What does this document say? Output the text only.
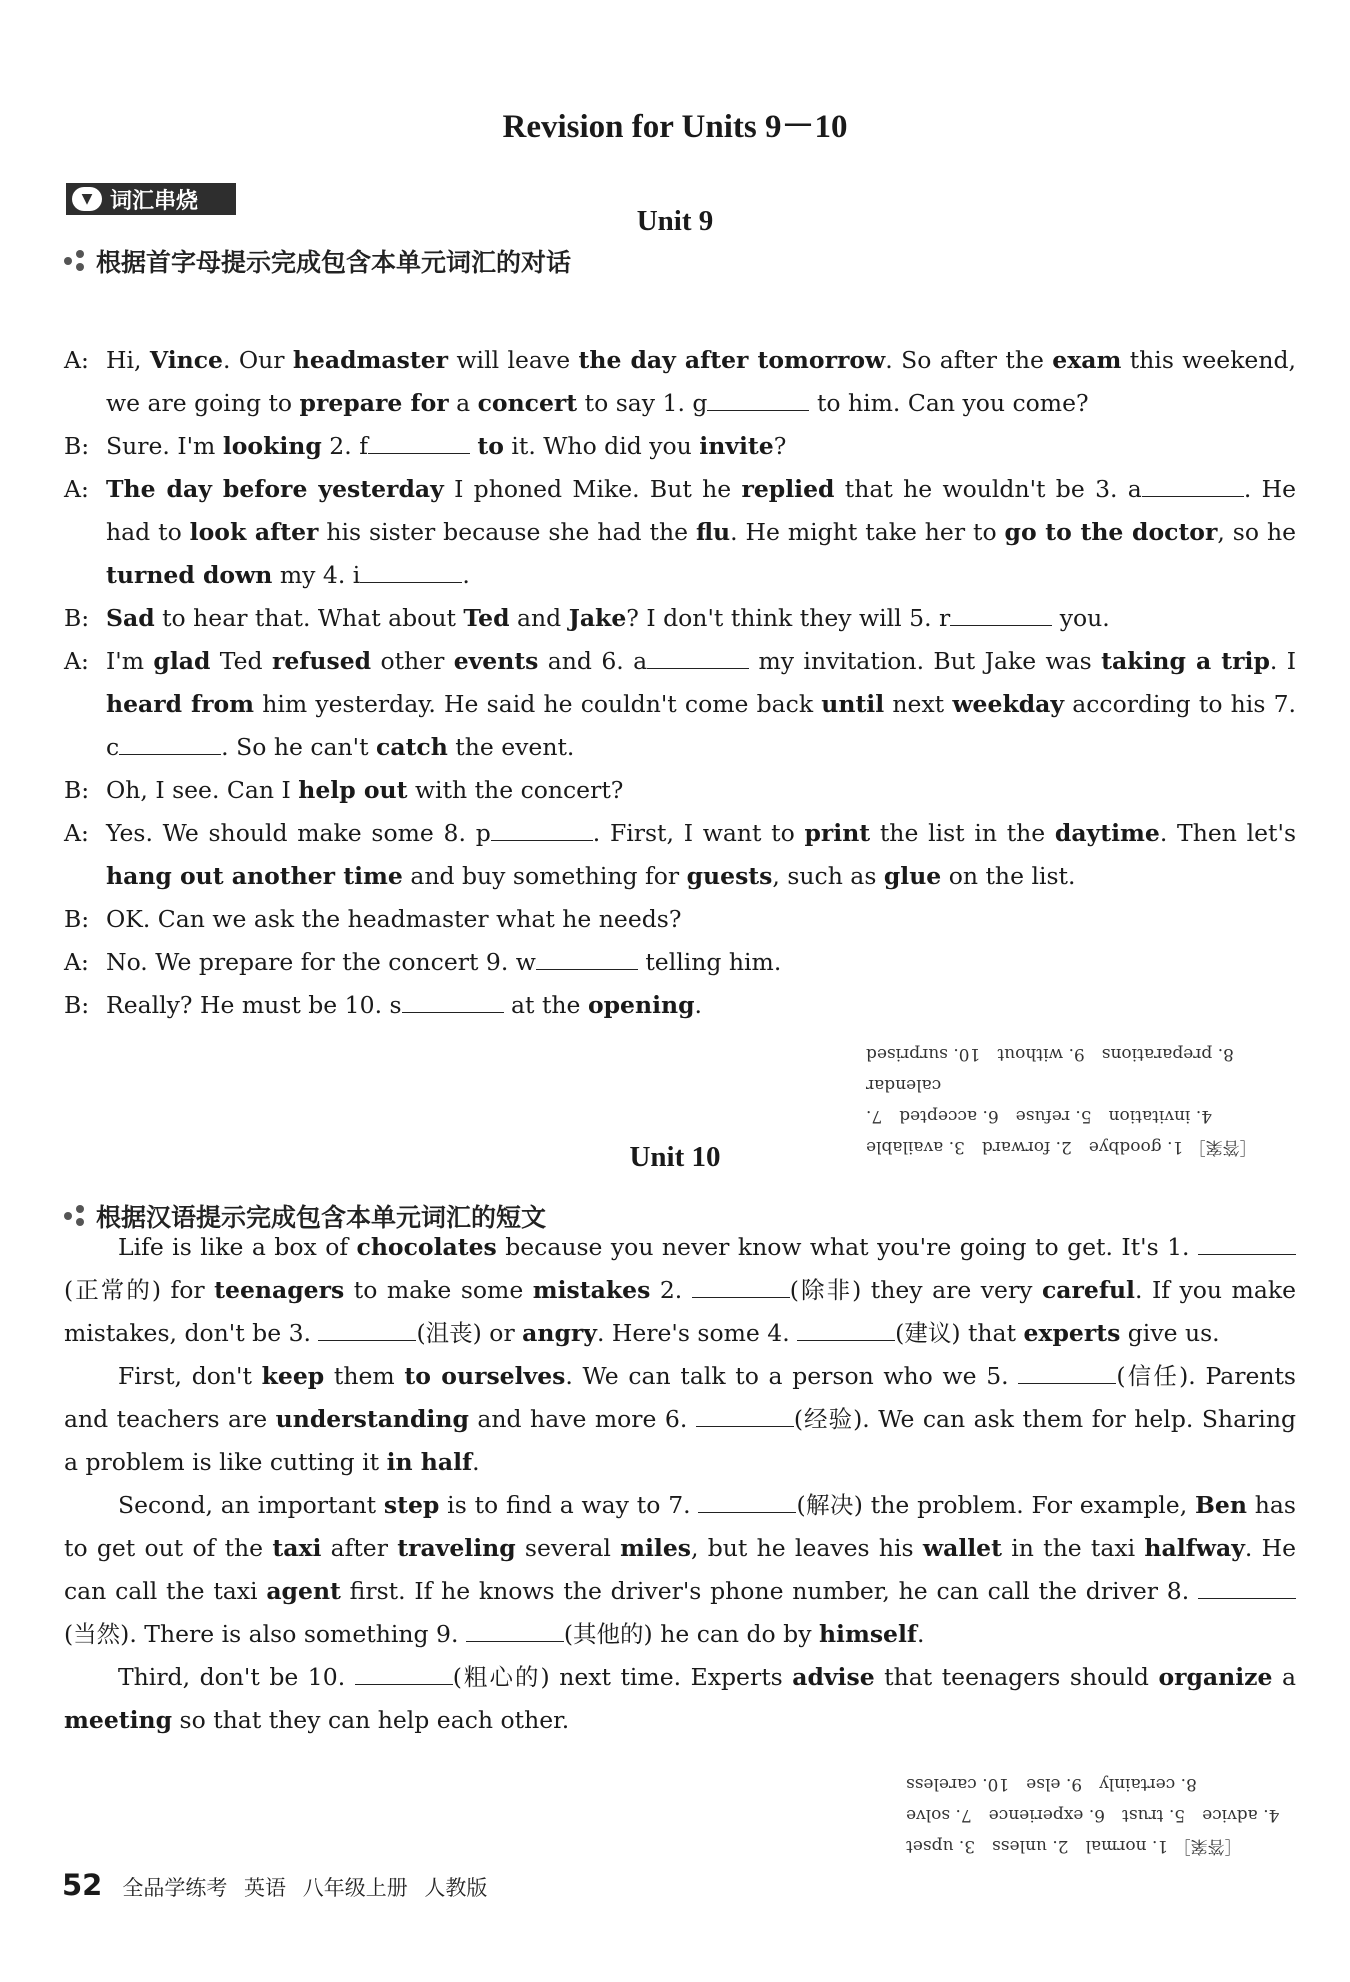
Revision for Units 9－10
▼ 词汇串烧
Unit 9
根据首字母提示完成包含本单元词汇的对话
A: Hi, Vince. Our headmaster will leave the day after tomorrow. So after the exam this weekend, we are going to prepare for a concert to say 1. g	to him. Can you come?
B: Sure. I'm looking 2. f	to it. Who did you invite?
A: The day before yesterday I phoned Mike. But he replied that he wouldn't be 3. a	. He had to look after his sister because she had the flu. He might take her to go to the doctor, so he turned down my 4. i	.
B: Sad to hear that. What about Ted and Jake? I don't think they will 5. r	you.
A: I'm glad Ted refused other events and 6. a	my invitation. But Jake was taking a trip. I heard from him yesterday. He said he couldn't come back until next weekday according to his 7. c	. So he can't catch the event.
B: Oh, I see. Can I help out with the concert?
A: Yes. We should make some 8. p	. First, I want to print the list in the daytime. Then let's hang out another time and buy something for guests, such as glue on the list.
B: OK. Can we ask the headmaster what he needs?
A: No. We prepare for the concert 9. w	telling him.
B: Really? He must be 10. s	at the opening.
［答案］ 1. goodbye　2. forward　3. available
4. invitation　5. refuse　6. accepted　7. calendar
8. preparations　9. without　10. surprised
Unit 10
根据汉语提示完成包含本单元词汇的短文

Life is like a box of chocolates because you never know what you're going to get. It's 1. (正常的) for teenagers to make some mistakes 2.	(除非) they are very careful. If you make mistakes, don't be 3.	(沮丧) or angry. Here's some 4.	(建议) that experts give us.

First, don't keep them to ourselves. We can talk to a person who we 5.	(信任). Parents and teachers are understanding and have more 6.	(经验). We can ask them for help. Sharing a problem is like cutting it in half.

Second, an important step is to find a way to 7.	(解决) the problem. For example, Ben has to get out of the taxi after traveling several miles, but he leaves his wallet in the taxi halfway. He can call the taxi agent first. If he knows the driver's phone number, he can call the driver 8. (当然). There is also something 9.	(其他的) he can do by himself.

Third, don't be 10.	(粗心的) next time. Experts advise that teenagers should organize a meeting so that they can help each other.

［答案］ 1. normal　2. unless　3. upset
4. advice　5. trust　6. experience　7. solve
8. certainly　9. else　10. careless
52 全品学练考 英语 八年级上册 人教版
